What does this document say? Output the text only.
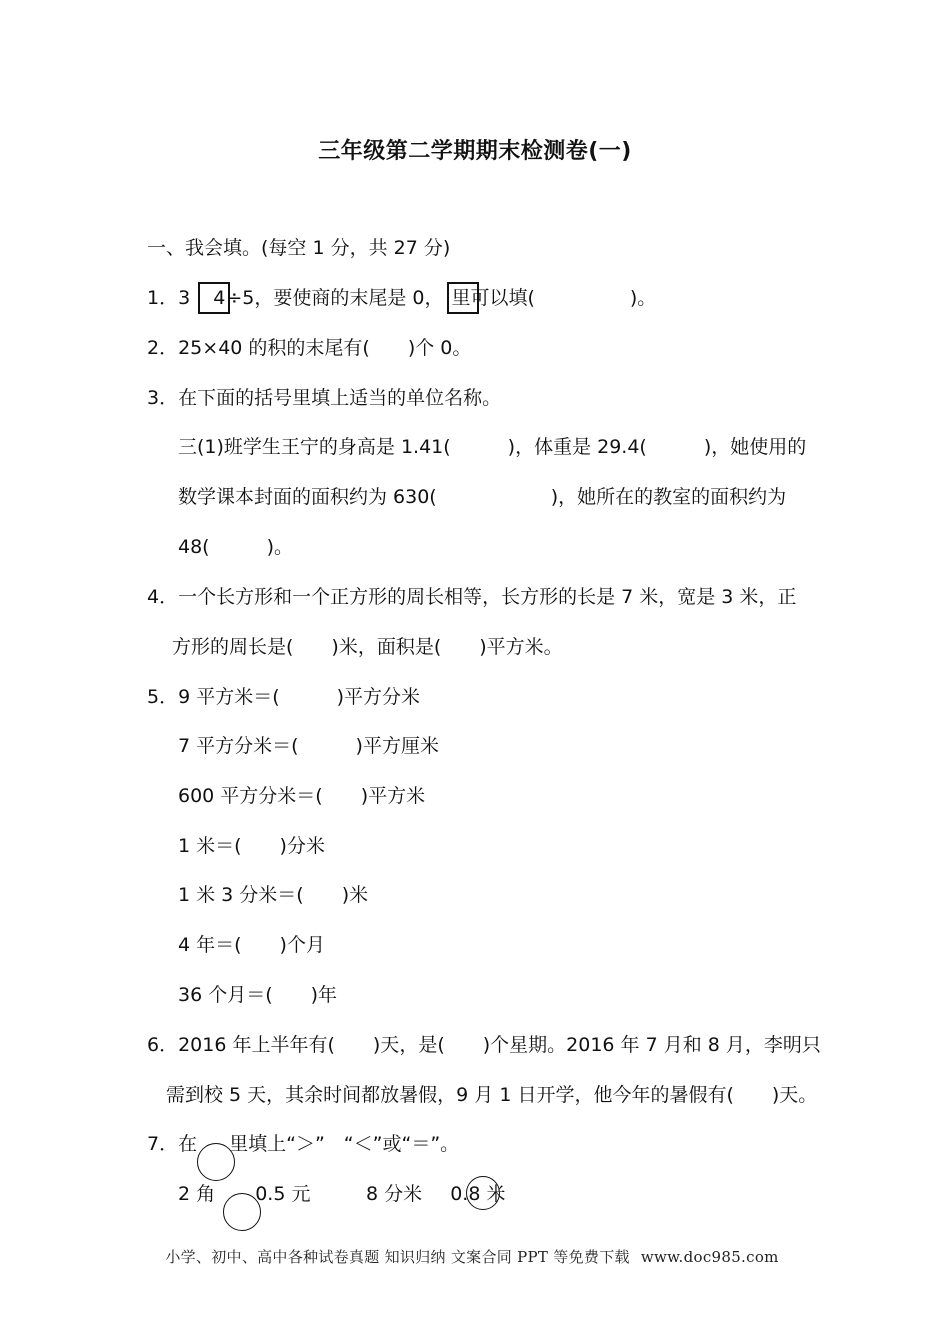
三年级第二学期期末检测卷(一)
一、我会填。(每空 1 分，共 27 分)
1．3 4÷5，要使商的末尾是 0， 里可以填(　　　　　)。
2．25×40 的积的末尾有(　　)个 0。
3．在下面的括号里填上适当的单位名称。
三(1)班学生王宁的身高是 1.41(　　　)，体重是 29.4(　　　)，她使用的
数学课本封面的面积约为 630(　　　　　　)，她所在的教室的面积约为
48(　　　)。
4．一个长方形和一个正方形的周长相等，长方形的长是 7 米，宽是 3 米，正
方形的周长是(　　)米，面积是(　　)平方米。
5．9 平方米＝(　　　)平方分米
7 平方分米＝(　　　)平方厘米
600 平方分米＝(　　)平方米
1 米＝(　　)分米
1 米 3 分米＝(　　)米
4 年＝(　　)个月
36 个月＝(　　)年
6．2016 年上半年有(　　)天，是(　　)个星期。2016 年 7 月和 8 月，李明只
需到校 5 天，其余时间都放暑假，9 月 1 日开学，他今年的暑假有(　　)天。
7．在 里填上“＞”　“＜”或“＝”。
2 角 0.5 元	8 分米 0.8 米
小学、初中、高中各种试卷真题 知识归纳 文案合同 PPT 等免费下载 www.doc985.com
